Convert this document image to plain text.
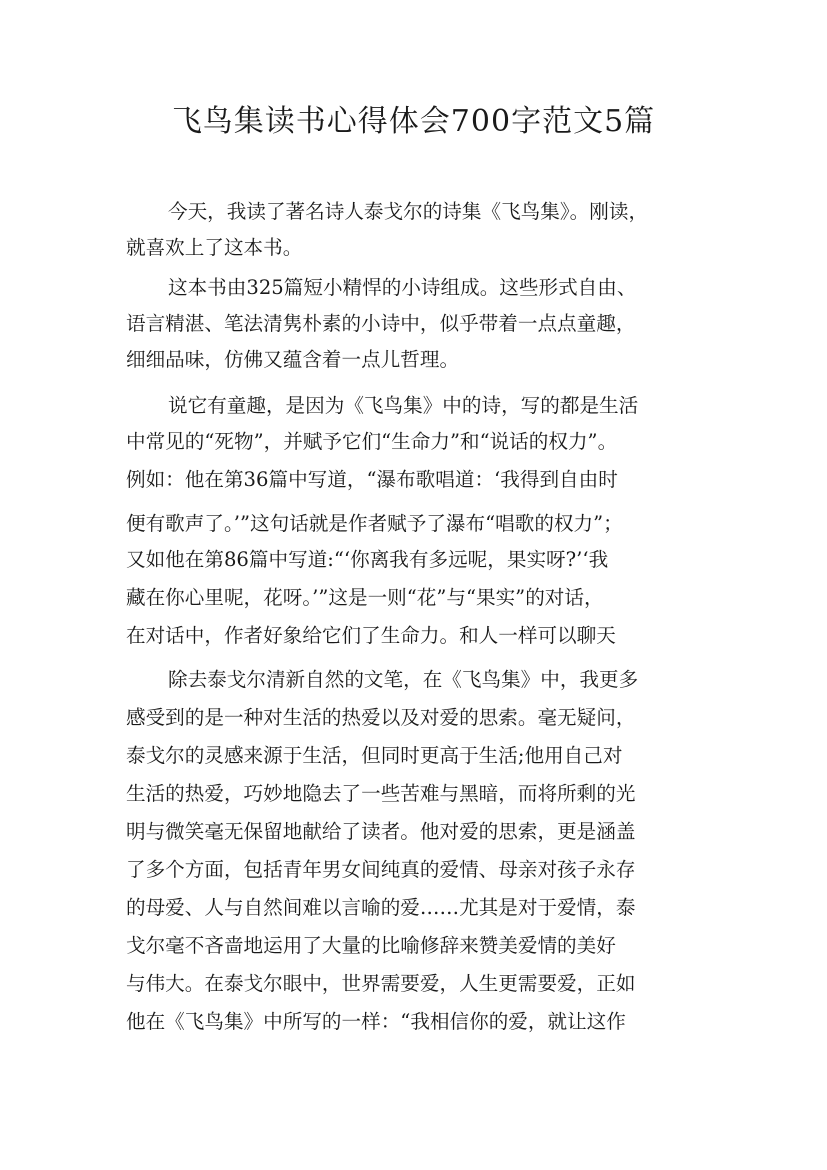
飞鸟集读书心得体会700字范文5篇

今天，我读了著名诗人泰戈尔的诗集《飞鸟集》。刚读，

就喜欢上了这本书。

这本书由325篇短小精悍的小诗组成。这些形式自由、

语言精湛、笔法清隽朴素的小诗中，似乎带着一点点童趣，

细细品味，仿佛又蕴含着一点儿哲理。

说它有童趣，是因为《飞鸟集》中的诗，写的都是生活

中常见的“死物”，并赋予它们“生命力”和“说话的权力”。

例如：他在第36篇中写道，“瀑布歌唱道：‘我得到自由时

便有歌声了。’”这句话就是作者赋予了瀑布“唱歌的权力”；

又如他在第86篇中写道:“‘你离我有多远呢，果实呀?’‘我

藏在你心里呢，花呀。’”这是一则“花”与“果实”的对话，

在对话中，作者好象给它们了生命力。和人一样可以聊天

除去泰戈尔清新自然的文笔，在《飞鸟集》中，我更多

感受到的是一种对生活的热爱以及对爱的思索。毫无疑问，

泰戈尔的灵感来源于生活，但同时更高于生活;他用自己对

生活的热爱，巧妙地隐去了一些苦难与黑暗，而将所剩的光

明与微笑毫无保留地献给了读者。他对爱的思索，更是涵盖

了多个方面，包括青年男女间纯真的爱情、母亲对孩子永存

的母爱、人与自然间难以言喻的爱……尤其是对于爱情，泰

戈尔毫不吝啬地运用了大量的比喻修辞来赞美爱情的美好

与伟大。在泰戈尔眼中，世界需要爱，人生更需要爱，正如

他在《飞鸟集》中所写的一样：“我相信你的爱，就让这作
